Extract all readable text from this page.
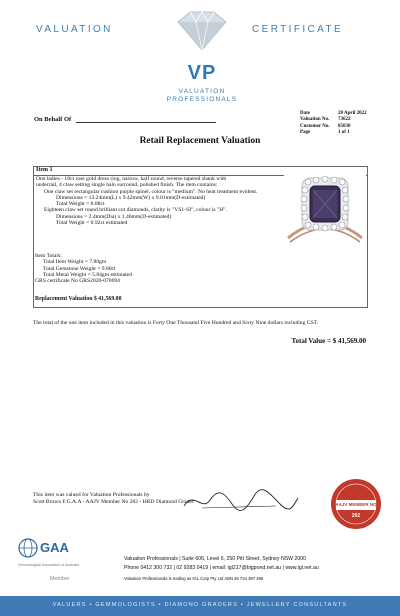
VALUATION	CERTIFICATE
VP
VALUATION
PROFESSIONALS
On Behalf Of
Date	20 April 2022
Valuation No.	73622
Customer No.	85030
Page	1 of 1
Retail Replacement Valuation
Item 1
One ladies - 18ct rose gold dress ring, narrow, half round, reverse tapered shank with
underrail, 4 claw setting single halo surround, polished finish. The item contains:
One claw set rectangular cushion purple spinel, colour is "medium". No heat treatment evident.
Dimensions = 12.24mm(L) x 9.42mm(W) x 9.01mm(D-estimated)
Total Weight = 8.88ct
Eighteen claw set round brilliant cut diamonds, clarity is "VS1-SI", colour is "H".
Dimensions = 2.4mm(Dia) x 1.46mm(D-estimated)
Total Weight = 0.92ct estimated
Item Totals:
Total Item Weight = 7.80gm
Total Gemstone Weight = 9.80ct
Total Metal Weight = 5.84gm estimated
GRS certificate No GRS2020-070694
Replacement Valuation $ 41,569.00
The total of the one item included in this valuation is Forty One Thousand Five Hundred and Sixty Nine dollars including GST.
Total Value = $ 41,569.00
This item was valued for Valuation Professionals by
Scott Brown F.G.A.A - AAJV Member No 202 - HRD Diamond Grader	AAJV MEMBER NO
202
GAA
Gemmological Association of Australia
Member
Valuation Professionals | Suite 606, Level 6, 250 Pitt Street, Sydney NSW 2000
Phone 0412 300 732 | 02 9283 0419 | email: igl217@bigpond.net.au | www.igl.net.au
Valuation Professionals is trading as IGL Corp Pty Ltd ABN 25 734 397 496
VALUERS • GEMMOLOGISTS • DIAMOND GRADERS • JEWELLERY CONSULTANTS
